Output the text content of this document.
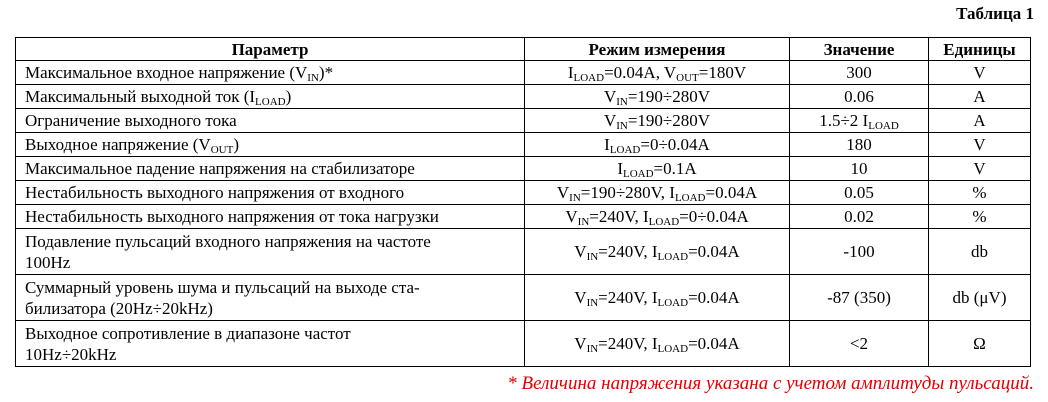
Таблица 1
Параметр	Режим измерения	Значение	Единицы
Максимальное входное напряжение $(V_{IN})*$	$I_{LOAD}=0.04A$, $V_{OUT}=180V$	300	V
Максимальный выходной ток $(I_{LOAD})$	$V_{IN}=190\div 280V$	0.06	A
Ограничение выходного тока	$V_{IN}=190\div 280V$	1.5÷2 $I_{LOAD}$	A
Выходное напряжение $(V_{OUT})$	$I_{LOAD}=0\div 0.04A$	180	V
Максимальное падение напряжения на стабилизаторе	$I_{LOAD}=0.1A$	10	V
Нестабильность выходного напряжения от входного	$V_{IN}=190\div 280V$, $I_{LOAD}=0.04A$	0.05	%
Нестабильность выходного напряжения от тока нагрузки	$V_{IN}=240V$, $I_{LOAD}=0\div 0.04A$	0.02	%
Подавление пульсаций входного напряжения на частоте
100Hz	$V_{IN}=240V$, $I_{LOAD}=0.04A$	-100	db
Суммарный уровень шума и пульсаций на выходе ста-
билизатора (20Hz÷20kHz)	$V_{IN}=240V$, $I_{LOAD}=0.04A$	-87 (350)	db (μV)
Выходное сопротивление в диапазоне частот
10Hz÷20kHz	$V_{IN}=240V$, $I_{LOAD}=0.04A$	<2	Ω
* Величина напряжения указана с учетом амплитуды пульсаций.
